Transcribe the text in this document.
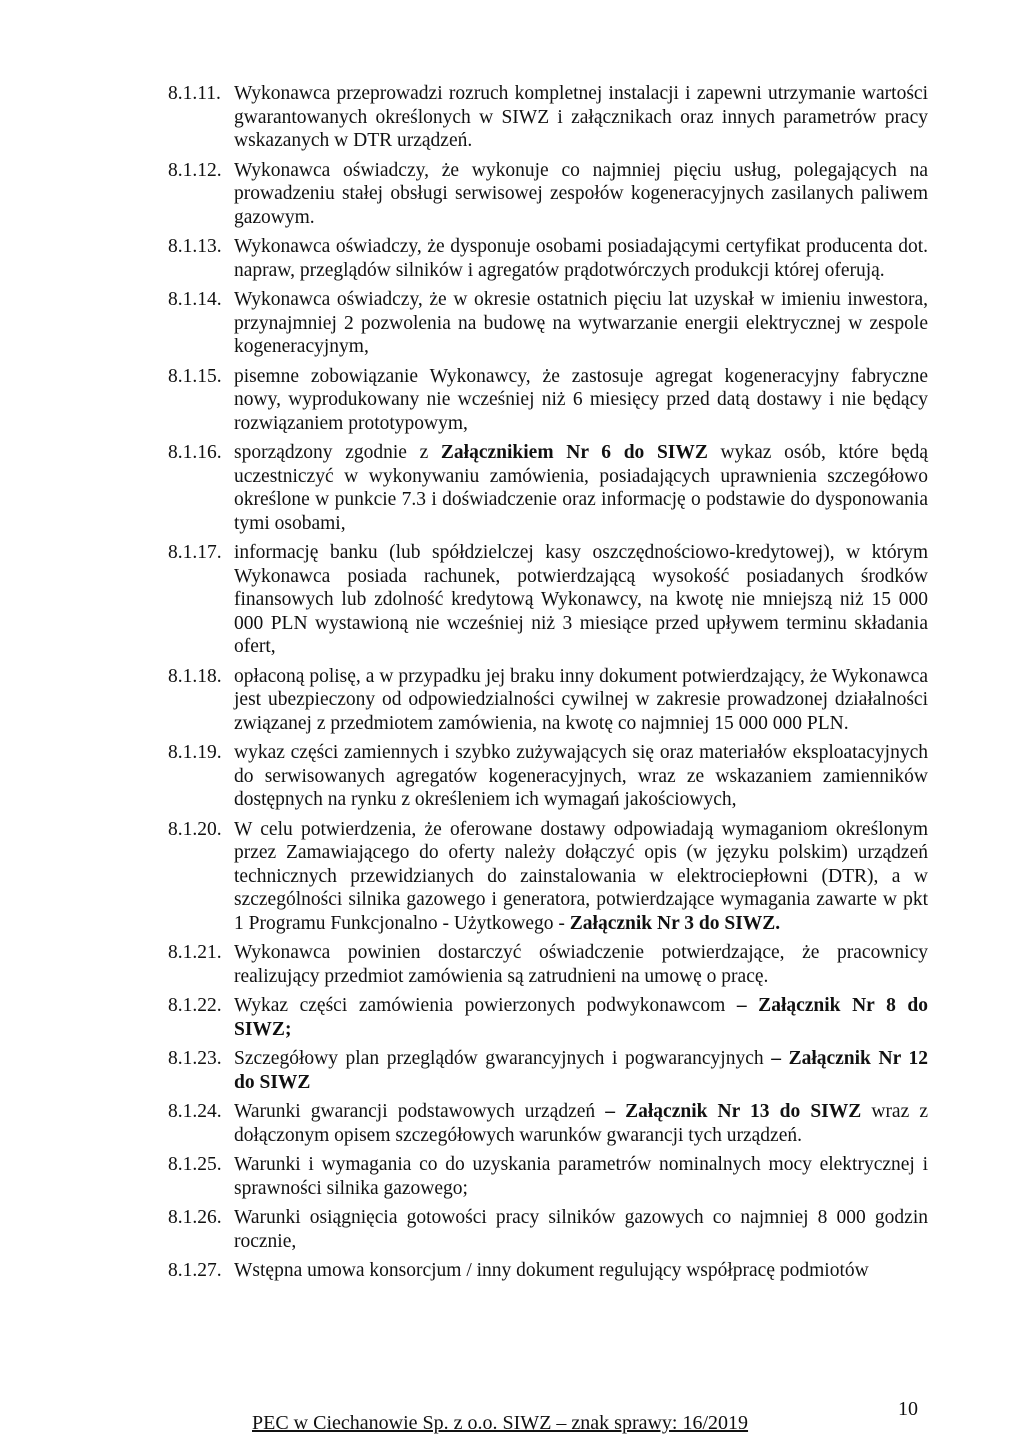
8.1.11. Wykonawca przeprowadzi rozruch kompletnej instalacji i zapewni utrzymanie wartości gwarantowanych określonych w SIWZ i załącznikach oraz innych parametrów pracy wskazanych w DTR urządzeń.
8.1.12. Wykonawca oświadczy, że wykonuje co najmniej pięciu usług, polegających na prowadzeniu stałej obsługi serwisowej zespołów kogeneracyjnych zasilanych paliwem gazowym.
8.1.13. Wykonawca oświadczy, że dysponuje osobami posiadającymi certyfikat producenta dot. napraw, przeglądów silników i agregatów prądotwórczych produkcji której oferują.
8.1.14. Wykonawca oświadczy, że w okresie ostatnich pięciu lat uzyskał w imieniu inwestora, przynajmniej 2 pozwolenia na budowę na wytwarzanie energii elektrycznej w zespole kogeneracyjnym,
8.1.15. pisemne zobowiązanie Wykonawcy, że zastosuje agregat kogeneracyjny fabryczne nowy, wyprodukowany nie wcześniej niż 6 miesięcy przed datą dostawy i nie będący rozwiązaniem prototypowym,
8.1.16. sporządzony zgodnie z Załącznikiem Nr 6 do SIWZ wykaz osób, które będą uczestniczyć w wykonywaniu zamówienia, posiadających uprawnienia szczegółowo określone w punkcie 7.3 i doświadczenie oraz informację o podstawie do dysponowania tymi osobami,
8.1.17. informację banku (lub spółdzielczej kasy oszczędnościowo-kredytowej), w którym Wykonawca posiada rachunek, potwierdzającą wysokość posiadanych środków finansowych lub zdolność kredytową Wykonawcy, na kwotę nie mniejszą niż 15 000 000 PLN wystawioną nie wcześniej niż 3 miesiące przed upływem terminu składania ofert,
8.1.18. opłaconą polisę, a w przypadku jej braku inny dokument potwierdzający, że Wykonawca jest ubezpieczony od odpowiedzialności cywilnej w zakresie prowadzonej działalności związanej z przedmiotem zamówienia, na kwotę co najmniej 15 000 000 PLN.
8.1.19. wykaz części zamiennych i szybko zużywających się oraz materiałów eksploatacyjnych do serwisowanych agregatów kogeneracyjnych, wraz ze wskazaniem zamienników dostępnych na rynku z określeniem ich wymagań jakościowych,
8.1.20. W celu potwierdzenia, że oferowane dostawy odpowiadają wymaganiom określonym przez Zamawiającego do oferty należy dołączyć opis (w języku polskim) urządzeń technicznych przewidzianych do zainstalowania w elektrociepłowni (DTR), a w szczególności silnika gazowego i generatora, potwierdzające wymagania zawarte w pkt 1 Programu Funkcjonalno - Użytkowego - Załącznik Nr 3 do SIWZ.
8.1.21. Wykonawca powinien dostarczyć oświadczenie potwierdzające, że pracownicy realizujący przedmiot zamówienia są zatrudnieni na umowę o pracę.
8.1.22. Wykaz części zamówienia powierzonych podwykonawcom – Załącznik Nr 8 do SIWZ;
8.1.23. Szczegółowy plan przeglądów gwarancyjnych i pogwarancyjnych – Załącznik Nr 12 do SIWZ
8.1.24. Warunki gwarancji podstawowych urządzeń – Załącznik Nr 13 do SIWZ wraz z dołączonym opisem szczegółowych warunków gwarancji tych urządzeń.
8.1.25. Warunki i wymagania co do uzyskania parametrów nominalnych mocy elektrycznej i sprawności silnika gazowego;
8.1.26. Warunki osiągnięcia gotowości pracy silników gazowych co najmniej 8 000 godzin rocznie,
8.1.27. Wstępna umowa konsorcjum / inny dokument regulujący współpracę podmiotów
PEC w Ciechanowie Sp. z o.o. SIWZ – znak sprawy: 16/2019
10
